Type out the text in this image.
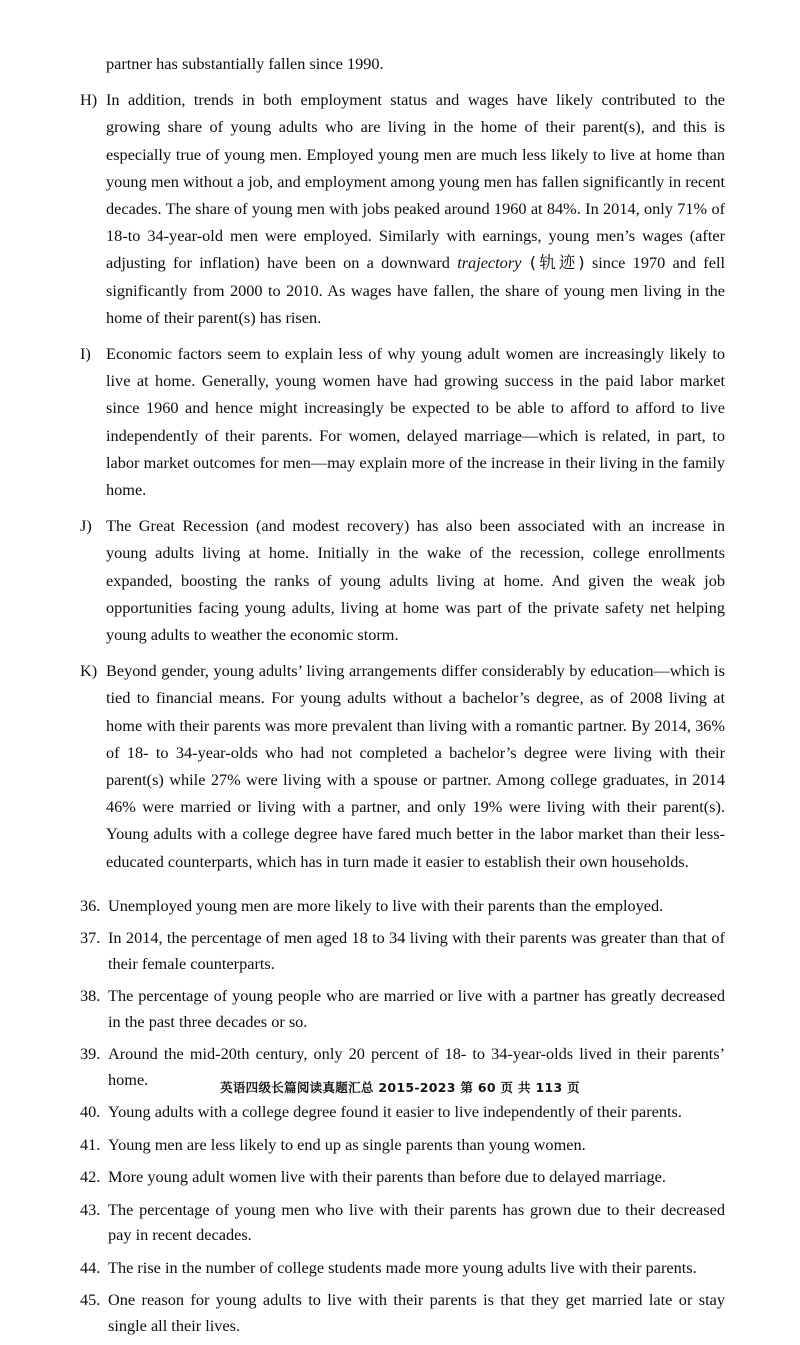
partner has substantially fallen since 1990.
H) In addition, trends in both employment status and wages have likely contributed to the growing share of young adults who are living in the home of their parent(s), and this is especially true of young men. Employed young men are much less likely to live at home than young men without a job, and employment among young men has fallen significantly in recent decades. The share of young men with jobs peaked around 1960 at 84%. In 2014, only 71% of 18-to 34-year-old men were employed. Similarly with earnings, young men’s wages (after adjusting for inflation) have been on a downward trajectory (轨迹) since 1970 and fell significantly from 2000 to 2010. As wages have fallen, the share of young men living in the home of their parent(s) has risen.
I) Economic factors seem to explain less of why young adult women are increasingly likely to live at home. Generally, young women have had growing success in the paid labor market since 1960 and hence might increasingly be expected to be able to afford to afford to live independently of their parents. For women, delayed marriage—which is related, in part, to labor market outcomes for men—may explain more of the increase in their living in the family home.
J) The Great Recession (and modest recovery) has also been associated with an increase in young adults living at home. Initially in the wake of the recession, college enrollments expanded, boosting the ranks of young adults living at home. And given the weak job opportunities facing young adults, living at home was part of the private safety net helping young adults to weather the economic storm.
K) Beyond gender, young adults’ living arrangements differ considerably by education—which is tied to financial means. For young adults without a bachelor’s degree, as of 2008 living at home with their parents was more prevalent than living with a romantic partner. By 2014, 36% of 18- to 34-year-olds who had not completed a bachelor’s degree were living with their parent(s) while 27% were living with a spouse or partner. Among college graduates, in 2014 46% were married or living with a partner, and only 19% were living with their parent(s). Young adults with a college degree have fared much better in the labor market than their less-educated counterparts, which has in turn made it easier to establish their own households.
36. Unemployed young men are more likely to live with their parents than the employed.
37. In 2014, the percentage of men aged 18 to 34 living with their parents was greater than that of their female counterparts.
38. The percentage of young people who are married or live with a partner has greatly decreased in the past three decades or so.
39. Around the mid-20th century, only 20 percent of 18- to 34-year-olds lived in their parents’ home.
40. Young adults with a college degree found it easier to live independently of their parents.
41. Young men are less likely to end up as single parents than young women.
42. More young adult women live with their parents than before due to delayed marriage.
43. The percentage of young men who live with their parents has grown due to their decreased pay in recent decades.
44. The rise in the number of college students made more young adults live with their parents.
45. One reason for young adults to live with their parents is that they get married late or stay single all their lives.
英语四级长篇阅读真题汇总 2015-2023 第 60 页 共 113 页
